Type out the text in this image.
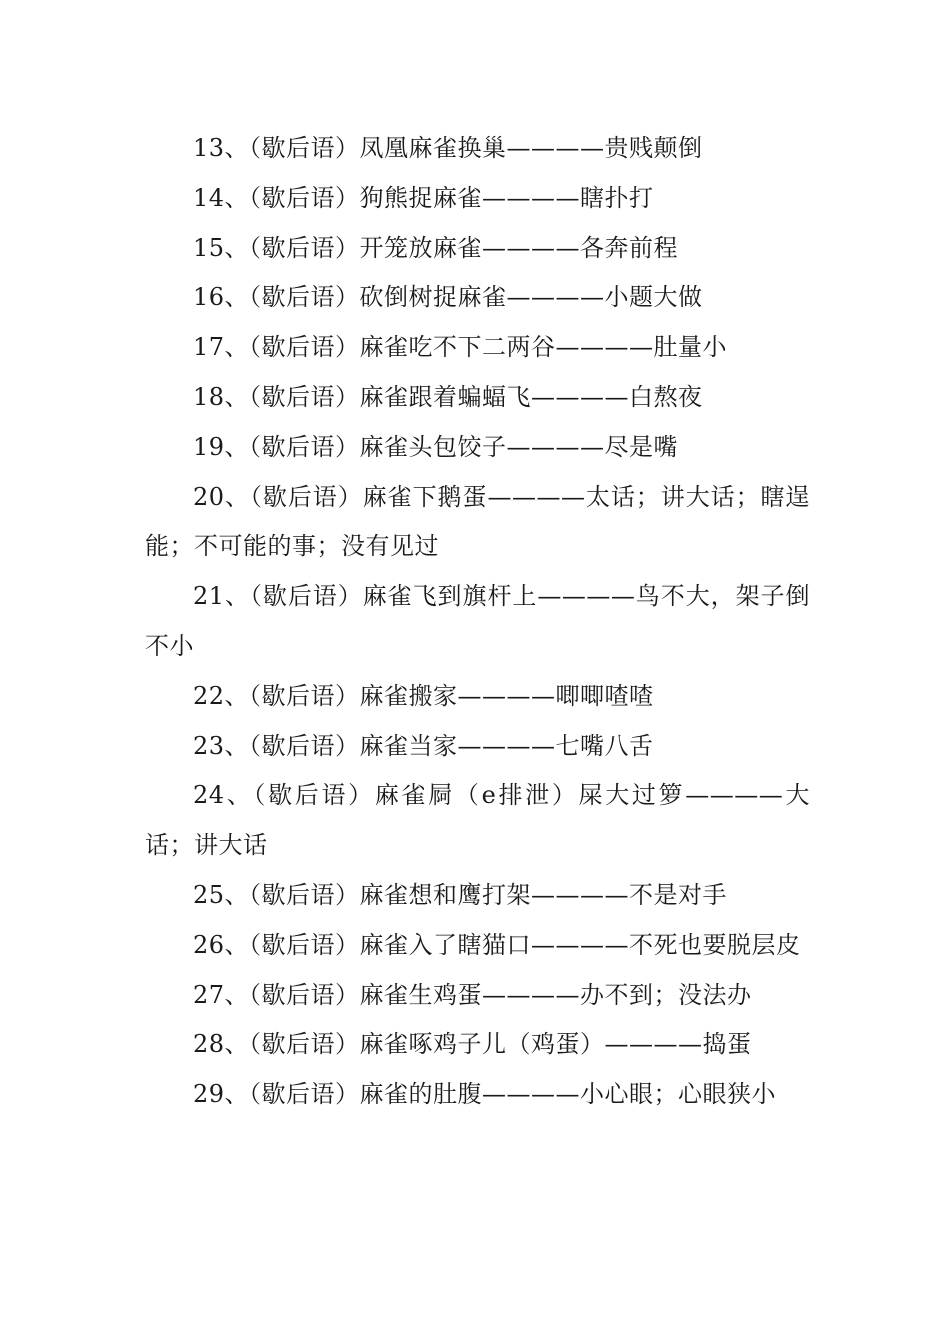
13、（歇后语）凤凰麻雀换巢————贵贱颠倒

14、（歇后语）狗熊捉麻雀————瞎扑打

15、（歇后语）开笼放麻雀————各奔前程

16、（歇后语）砍倒树捉麻雀————小题大做

17、（歇后语）麻雀吃不下二两谷————肚量小

18、（歇后语）麻雀跟着蝙蝠飞————白熬夜

19、（歇后语）麻雀头包饺子————尽是嘴

20、（歇后语）麻雀下鹅蛋————太话；讲大话；瞎逞能；不可能的事；没有见过

21、（歇后语）麻雀飞到旗杆上————鸟不大，架子倒不小

22、（歇后语）麻雀搬家————唧唧喳喳

23、（歇后语）麻雀当家————七嘴八舌

24、（歇后语）麻雀屙（e排泄）屎大过箩————大话；讲大话

25、（歇后语）麻雀想和鹰打架————不是对手

26、（歇后语）麻雀入了瞎猫口————不死也要脱层皮

27、（歇后语）麻雀生鸡蛋————办不到；没法办

28、（歇后语）麻雀啄鸡子儿（鸡蛋）————捣蛋

29、（歇后语）麻雀的肚腹————小心眼；心眼狭小
